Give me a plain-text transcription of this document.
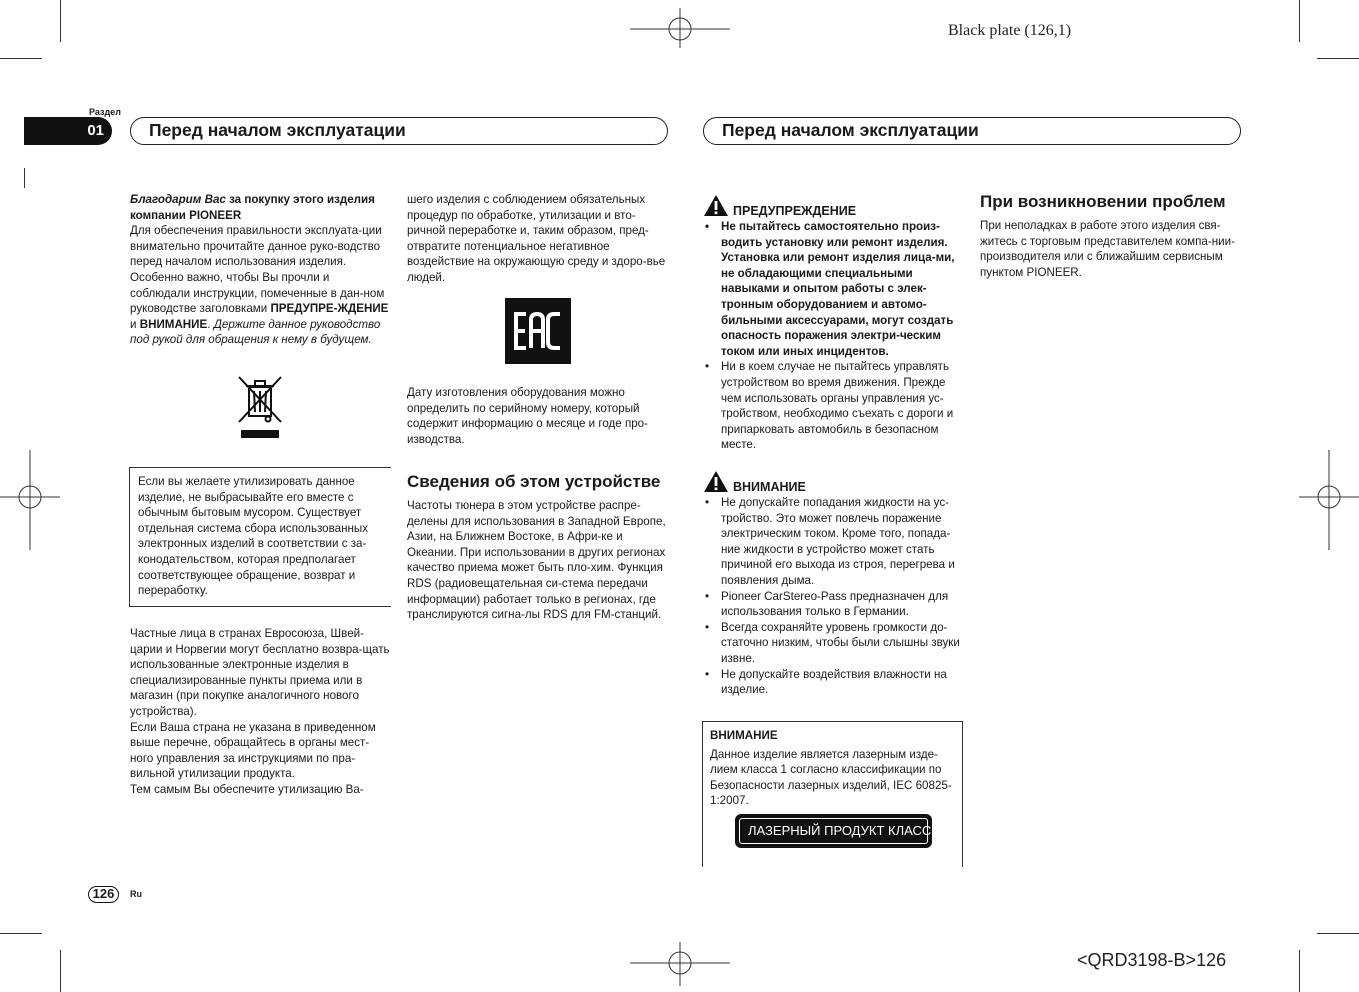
Black plate (126,1)
Раздел
01	Перед началом эксплуатации	Перед началом эксплуатации

Благодарим Вас за покупку этого изделия компании PIONEER

Для обеспечения правильности эксплуата-ции внимательно прочитайте данное руко-водство перед началом использования изделия. Особенно важно, чтобы Вы прочли и соблюдали инструкции, помеченные в дан-ном руководстве заголовками ПРЕДУПРЕ-ЖДЕНИЕ и ВНИМАНИЕ. Держите данное руководство под рукой для обращения к нему в будущем.

Если вы желаете утилизировать данное изделие, не выбрасывайте его вместе с обычным бытовым мусором. Существует отдельная система сбора использованных электронных изделий в соответствии с за-конодательством, которая предполагает соответствующее обращение, возврат и переработку.

Частные лица в странах Евросоюза, Швей-царии и Норвегии могут бесплатно возвра-щать использованные электронные изделия в специализированные пункты приема или в магазин (при покупке аналогичного нового устройства).

Если Ваша страна не указана в приведенном выше перечне, обращайтесь в органы мест-ного управления за инструкциями по пра-вильной утилизации продукта.

Тем самым Вы обеспечите утилизацию Ва-

шего изделия с соблюдением обязательных процедур по обработке, утилизации и вто-ричной переработке и, таким образом, пред-отвратите потенциальное негативное воздействие на окружающую среду и здоро-вье людей.

Дату изготовления оборудования можно определить по серийному номеру, который содержит информацию о месяце и годе про-изводства.

Сведения об этом устройстве

Частоты тюнера в этом устройстве распре-делены для использования в Западной Европе, Азии, на Ближнем Востоке, в Афри-ке и Океании. При использовании в других регионах качество приема может быть пло-хим. Функция RDS (радиовещательная си-стема передачи информации) работает только в регионах, где транслируются сигна-лы RDS для FM-станций.

ПРЕДУПРЕЖДЕНИЕ
• Не пытайтесь самостоятельно произ-водить установку или ремонт изделия. Установка или ремонт изделия лица-ми, не обладающими специальными навыками и опытом работы с элек-тронным оборудованием и автомо-бильными аксессуарами, могут создать опасность поражения электри-ческим током или иных инцидентов.
• Ни в коем случае не пытайтесь управлять устройством во время движения. Прежде чем использовать органы управления ус-тройством, необходимо съехать с дороги и припарковать автомобиль в безопасном месте.
ВНИМАНИЕ
• Не допускайте попадания жидкости на ус-тройство. Это может повлечь поражение электрическим током. Кроме того, попада-ние жидкости в устройство может стать причиной его выхода из строя, перегрева и появления дыма.
• Pioneer CarStereo-Pass предназначен для использования только в Германии.
• Всегда сохраняйте уровень громкости до-статочно низким, чтобы были слышны звуки извне.
• Не допускайте воздействия влажности на изделие.

ВНИМАНИЕ

Данное изделие является лазерным изде-лием класса 1 согласно классификации по Безопасности лазерных изделий, IEC 60825-1:2007.

ЛАЗЕРНЫЙ ПРОДУКТ КЛАСС 1
При возникновении проблем

При неполадках в работе этого изделия свя-житесь с торговым представителем компа-нии-производителя или с ближайшим сервисным пунктом PIONEER.

126	Ru
<QRD3198-B>126
